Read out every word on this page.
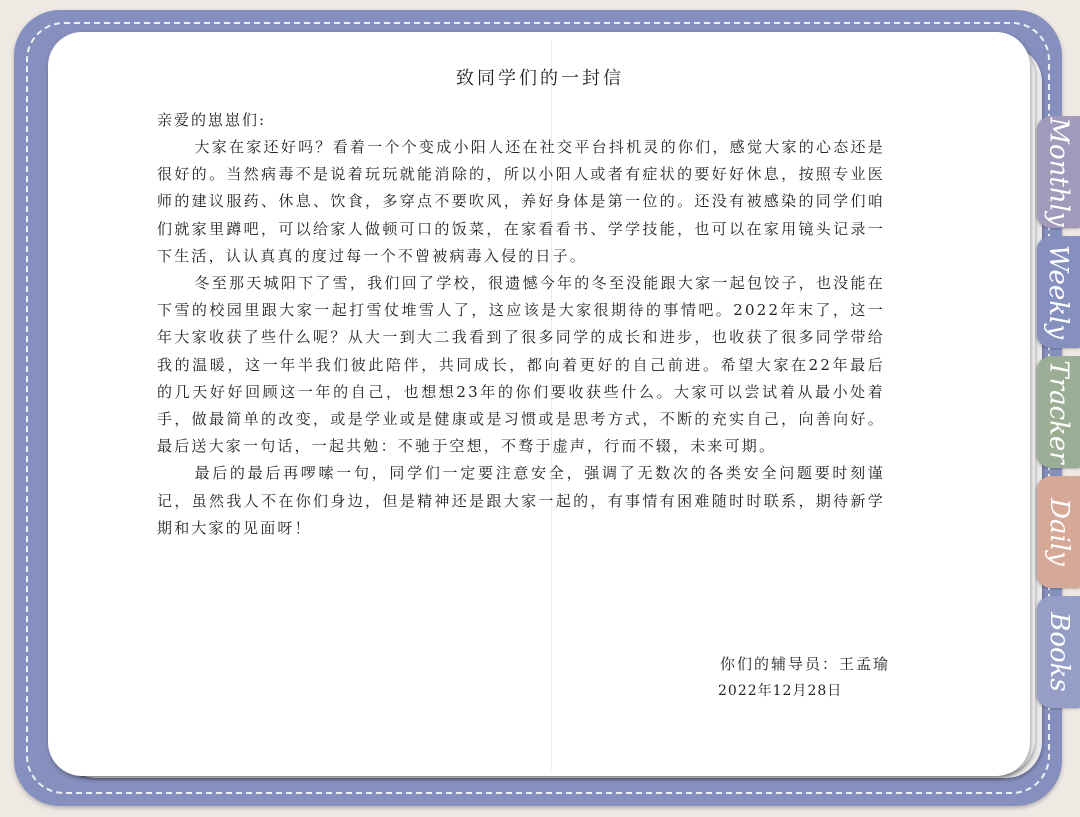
Monthly
Weekly
Tracker
Daily
Books
致同学们的一封信
亲爱的崽崽们:

大家在家还好吗？看着一个个变成小阳人还在社交平台抖机灵的你们，感觉大家的心态还是很好的。当然病毒不是说着玩玩就能消除的，所以小阳人或者有症状的要好好休息，按照专业医师的建议服药、休息、饮食，多穿点不要吹风，养好身体是第一位的。还没有被感染的同学们咱们就家里蹲吧，可以给家人做顿可口的饭菜，在家看看书、学学技能，也可以在家用镜头记录一下生活，认认真真的度过每一个不曾被病毒入侵的日子。

冬至那天城阳下了雪，我们回了学校，很遗憾今年的冬至没能跟大家一起包饺子，也没能在下雪的校园里跟大家一起打雪仗堆雪人了，这应该是大家很期待的事情吧。2022年末了，这一年大家收获了些什么呢？从大一到大二我看到了很多同学的成长和进步，也收获了很多同学带给我的温暖，这一年半我们彼此陪伴，共同成长，都向着更好的自己前进。希望大家在22年最后的几天好好回顾这一年的自己，也想想23年的你们要收获些什么。大家可以尝试着从最小处着手，做最简单的改变，或是学业或是健康或是习惯或是思考方式，不断的充实自己，向善向好。最后送大家一句话，一起共勉：不驰于空想，不骛于虚声，行而不辍，未来可期。

最后的最后再啰嗦一句，同学们一定要注意安全，强调了无数次的各类安全问题要时刻谨记，虽然我人不在你们身边，但是精神还是跟大家一起的，有事情有困难随时时联系，期待新学期和大家的见面呀！

你们的辅导员：王孟瑜
2022年12月28日
